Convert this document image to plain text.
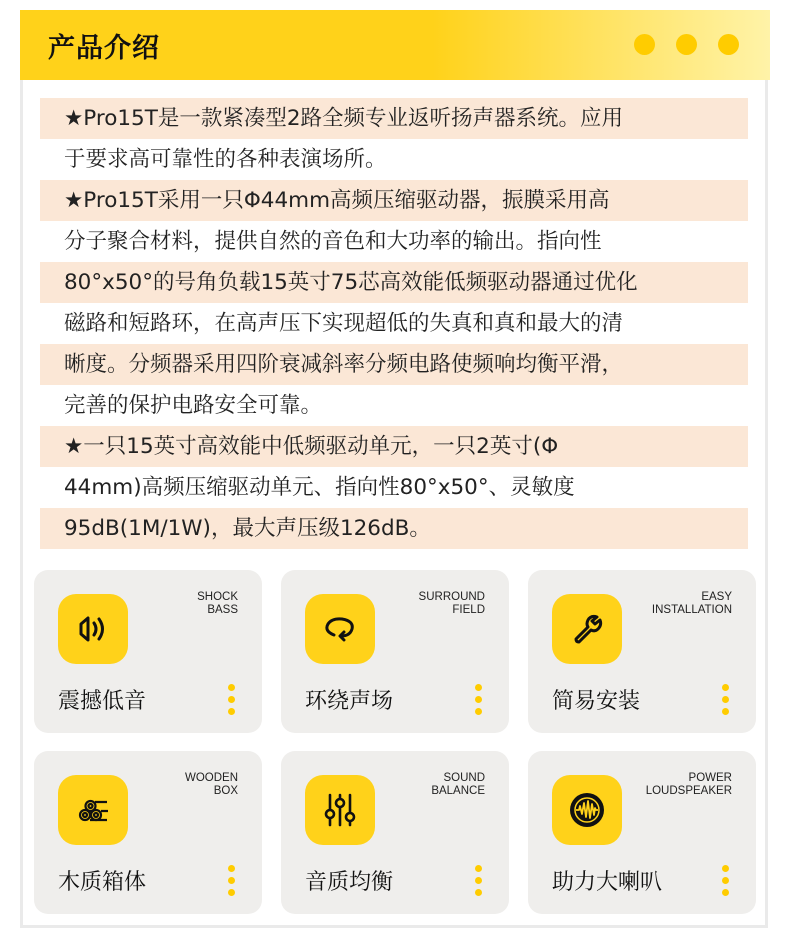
产品介绍
★Pro15T是一款紧凑型2路全频专业返听扬声器系统。应用
于要求高可靠性的各种表演场所。
★Pro15T采用一只Φ44mm高频压缩驱动器，振膜采用高
分子聚合材料，提供自然的音色和大功率的输出。指向性
80°x50°的号角负载15英寸75芯高效能低频驱动器通过优化
磁路和短路环，在高声压下实现超低的失真和真和最大的清
晰度。分频器采用四阶衰减斜率分频电路使频响均衡平滑，
完善的保护电路安全可靠。
★一只15英寸高效能中低频驱动单元，一只2英寸(Φ
44mm)高频压缩驱动单元、指向性80°x50°、灵敏度
95dB(1M/1W)，最大声压级126dB。
SHOCK
BASS
震撼低音
SURROUND
FIELD
环绕声场
EASY
INSTALLATION
简易安装
WOODEN
BOX
木质箱体
SOUND
BALANCE
音质均衡
POWER
LOUDSPEAKER
助力大喇叭
